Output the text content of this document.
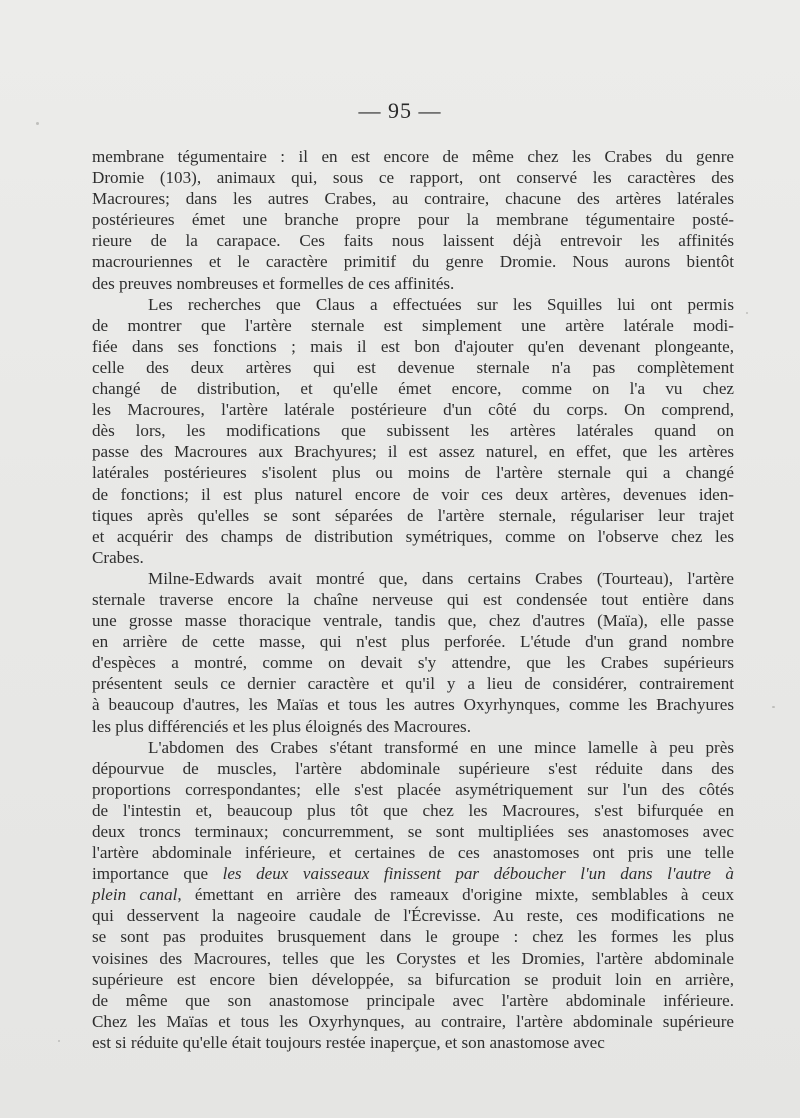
— 95 —
membrane tégumentaire : il en est encore de même chez les Crabes du genre
Dromie (103), animaux qui, sous ce rapport, ont conservé les caractères des
Macroures; dans les autres Crabes, au contraire, chacune des artères latérales
postérieures émet une branche propre pour la membrane tégumentaire posté-
rieure de la carapace. Ces faits nous laissent déjà entrevoir les affinités
macrouriennes et le caractère primitif du genre Dromie. Nous aurons bientôt
des preuves nombreuses et formelles de ces affinités.
Les recherches que Claus a effectuées sur les Squilles lui ont permis
de montrer que l'artère sternale est simplement une artère latérale modi-
fiée dans ses fonctions ; mais il est bon d'ajouter qu'en devenant plongeante,
celle des deux artères qui est devenue sternale n'a pas complètement
changé de distribution, et qu'elle émet encore, comme on l'a vu chez
les Macroures, l'artère latérale postérieure d'un côté du corps. On comprend,
dès lors, les modifications que subissent les artères latérales quand on
passe des Macroures aux Brachyures; il est assez naturel, en effet, que les artères
latérales postérieures s'isolent plus ou moins de l'artère sternale qui a changé
de fonctions; il est plus naturel encore de voir ces deux artères, devenues iden-
tiques après qu'elles se sont séparées de l'artère sternale, régulariser leur trajet
et acquérir des champs de distribution symétriques, comme on l'observe chez les
Crabes.
Milne-Edwards avait montré que, dans certains Crabes (Tourteau), l'artère
sternale traverse encore la chaîne nerveuse qui est condensée tout entière dans
une grosse masse thoracique ventrale, tandis que, chez d'autres (Maïa), elle passe
en arrière de cette masse, qui n'est plus perforée. L'étude d'un grand nombre
d'espèces a montré, comme on devait s'y attendre, que les Crabes supérieurs
présentent seuls ce dernier caractère et qu'il y a lieu de considérer, contrairement
à beaucoup d'autres, les Maïas et tous les autres Oxyrhynques, comme les Brachyures
les plus différenciés et les plus éloignés des Macroures.
L'abdomen des Crabes s'étant transformé en une mince lamelle à peu près
dépourvue de muscles, l'artère abdominale supérieure s'est réduite dans des
proportions correspondantes; elle s'est placée asymétriquement sur l'un des côtés
de l'intestin et, beaucoup plus tôt que chez les Macroures, s'est bifurquée en
deux troncs terminaux; concurremment, se sont multipliées ses anastomoses avec
l'artère abdominale inférieure, et certaines de ces anastomoses ont pris une telle
importance que les deux vaisseaux finissent par déboucher l'un dans l'autre à
plein canal, émettant en arrière des rameaux d'origine mixte, semblables à ceux
qui desservent la nageoire caudale de l'Écrevisse. Au reste, ces modifications ne
se sont pas produites brusquement dans le groupe : chez les formes les plus
voisines des Macroures, telles que les Corystes et les Dromies, l'artère abdominale
supérieure est encore bien développée, sa bifurcation se produit loin en arrière,
de même que son anastomose principale avec l'artère abdominale inférieure.
Chez les Maïas et tous les Oxyrhynques, au contraire, l'artère abdominale supérieure
est si réduite qu'elle était toujours restée inaperçue, et son anastomose avec
